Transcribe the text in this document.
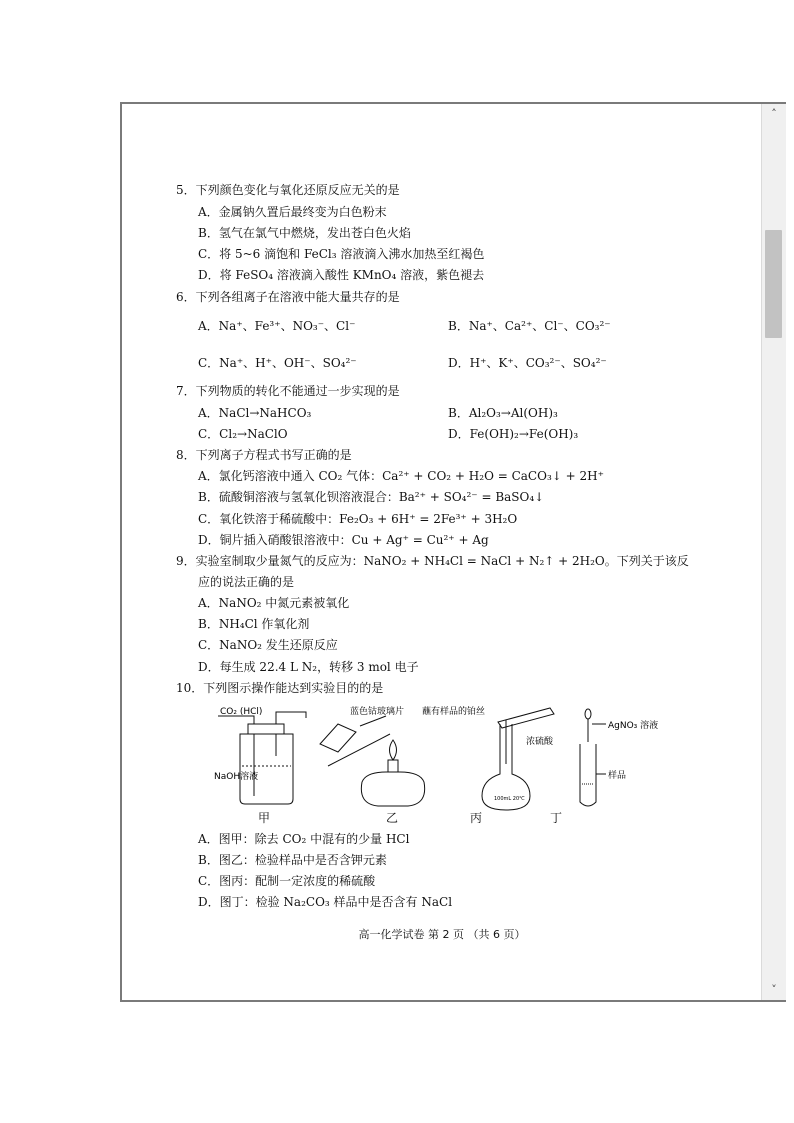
5．下列颜色变化与氧化还原反应无关的是
A．金属钠久置后最终变为白色粉末
B．氢气在氯气中燃烧，发出苍白色火焰
C．将 5~6 滴饱和 FeCl₃ 溶液滴入沸水加热至红褐色
D．将 FeSO₄ 溶液滴入酸性 KMnO₄ 溶液，紫色褪去
6．下列各组离子在溶液中能大量共存的是
A．Na⁺、Fe³⁺、NO₃⁻、Cl⁻	B．Na⁺、Ca²⁺、Cl⁻、CO₃²⁻
C．Na⁺、H⁺、OH⁻、SO₄²⁻	D．H⁺、K⁺、CO₃²⁻、SO₄²⁻
7．下列物质的转化不能通过一步实现的是
A．NaCl→NaHCO₃	B．Al₂O₃→Al(OH)₃
C．Cl₂→NaClO	D．Fe(OH)₂→Fe(OH)₃
8．下列离子方程式书写正确的是
A．氯化钙溶液中通入 CO₂ 气体：Ca²⁺ + CO₂ + H₂O = CaCO₃↓ + 2H⁺
B．硫酸铜溶液与氢氧化钡溶液混合：Ba²⁺ + SO₄²⁻ = BaSO₄↓
C．氧化铁溶于稀硫酸中：Fe₂O₃ + 6H⁺ = 2Fe³⁺ + 3H₂O
D．铜片插入硝酸银溶液中：Cu + Ag⁺ = Cu²⁺ + Ag
9．实验室制取少量氮气的反应为：NaNO₂ + NH₄Cl = NaCl + N₂↑ + 2H₂O。下列关于该反
应的说法正确的是
A．NaNO₂ 中氮元素被氧化
B．NH₄Cl 作氧化剂
C．NaNO₂ 发生还原反应
D．每生成 22.4 L N₂，转移 3 mol 电子
10．下列图示操作能达到实验目的的是
CO₂ (HCl)
NaOH溶液
蓝色钴玻璃片 蘸有样品的铂丝
浓硫酸
100mL 20℃
AgNO₃ 溶液
样品
甲	乙	丙	丁
A．图甲：除去 CO₂ 中混有的少量 HCl
B．图乙：检验样品中是否含钾元素
C．图丙：配制一定浓度的稀硫酸
D．图丁：检验 Na₂CO₃ 样品中是否含有 NaCl
高一化学试卷 第 2 页 （共 6 页）
˄
˅
